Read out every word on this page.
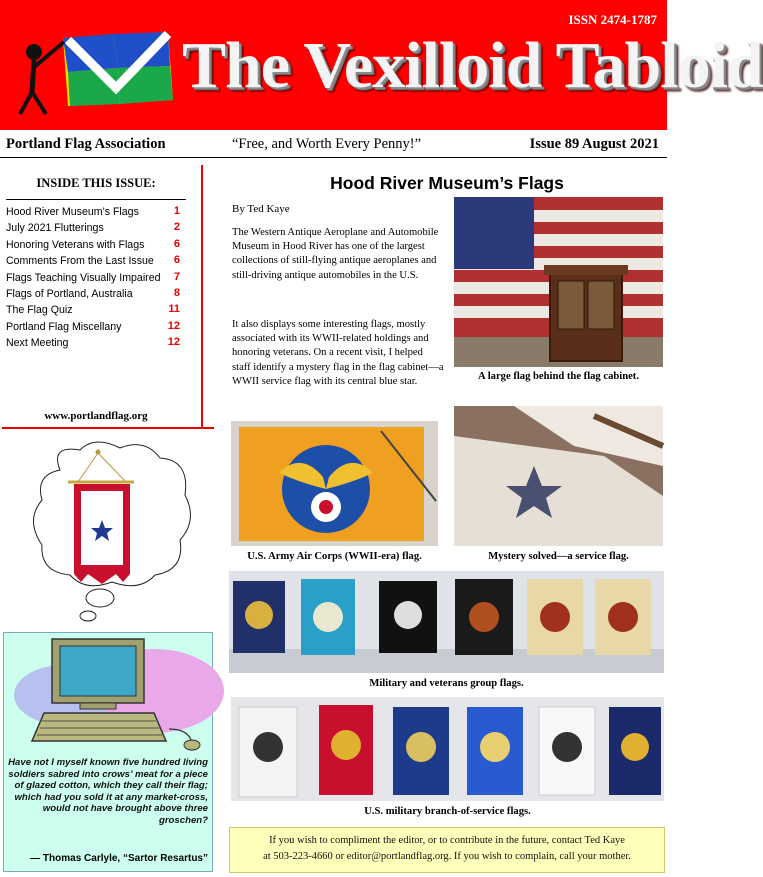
ISSN 2474-1787
The Vexilloid Tabloid
Portland Flag Association	“Free, and Worth Every Penny!”	Issue 89 August 2021
INSIDE THIS ISSUE:
Hood River Museum’s Flags	1
July 2021 Flutterings	2
Honoring Veterans with Flags	6
Comments From the Last Issue 6
Flags Teaching Visually Impaired 7
Flags of Portland, Australia	8
The Flag Quiz	11
Portland Flag Miscellany	12
Next Meeting	12
www.portlandflag.org
Have not I myself known five hundred living soldiers sabred into crows’ meat for a piece of glazed cotton, which they call their flag; which had you sold it at any market-cross, would not have brought above three groschen?
— Thomas Carlyle, “Sartor Resartus”
Hood River Museum’s Flags
By Ted Kaye
The Western Antique Aeroplane and Automobile Museum in Hood River has one of the largest collections of still-flying antique aeroplanes and still-driving antique automobiles in the U.S.
It also displays some interesting flags, mostly associated with its WWII-related holdings and honoring veterans. On a recent visit, I helped staff identify a mystery flag in the flag cabinet—a WWII service flag with its central blue star.	A large flag behind the flag cabinet.
U.S. Army Air Corps (WWII-era) flag.	Mystery solved—a service flag.
Military and veterans group flags.
U.S. military branch-of-service flags.
If you wish to compliment the editor, or to contribute in the future, contact Ted Kaye
at 503-223-4660 or editor@portlandflag.org. If you wish to complain, call your mother.
